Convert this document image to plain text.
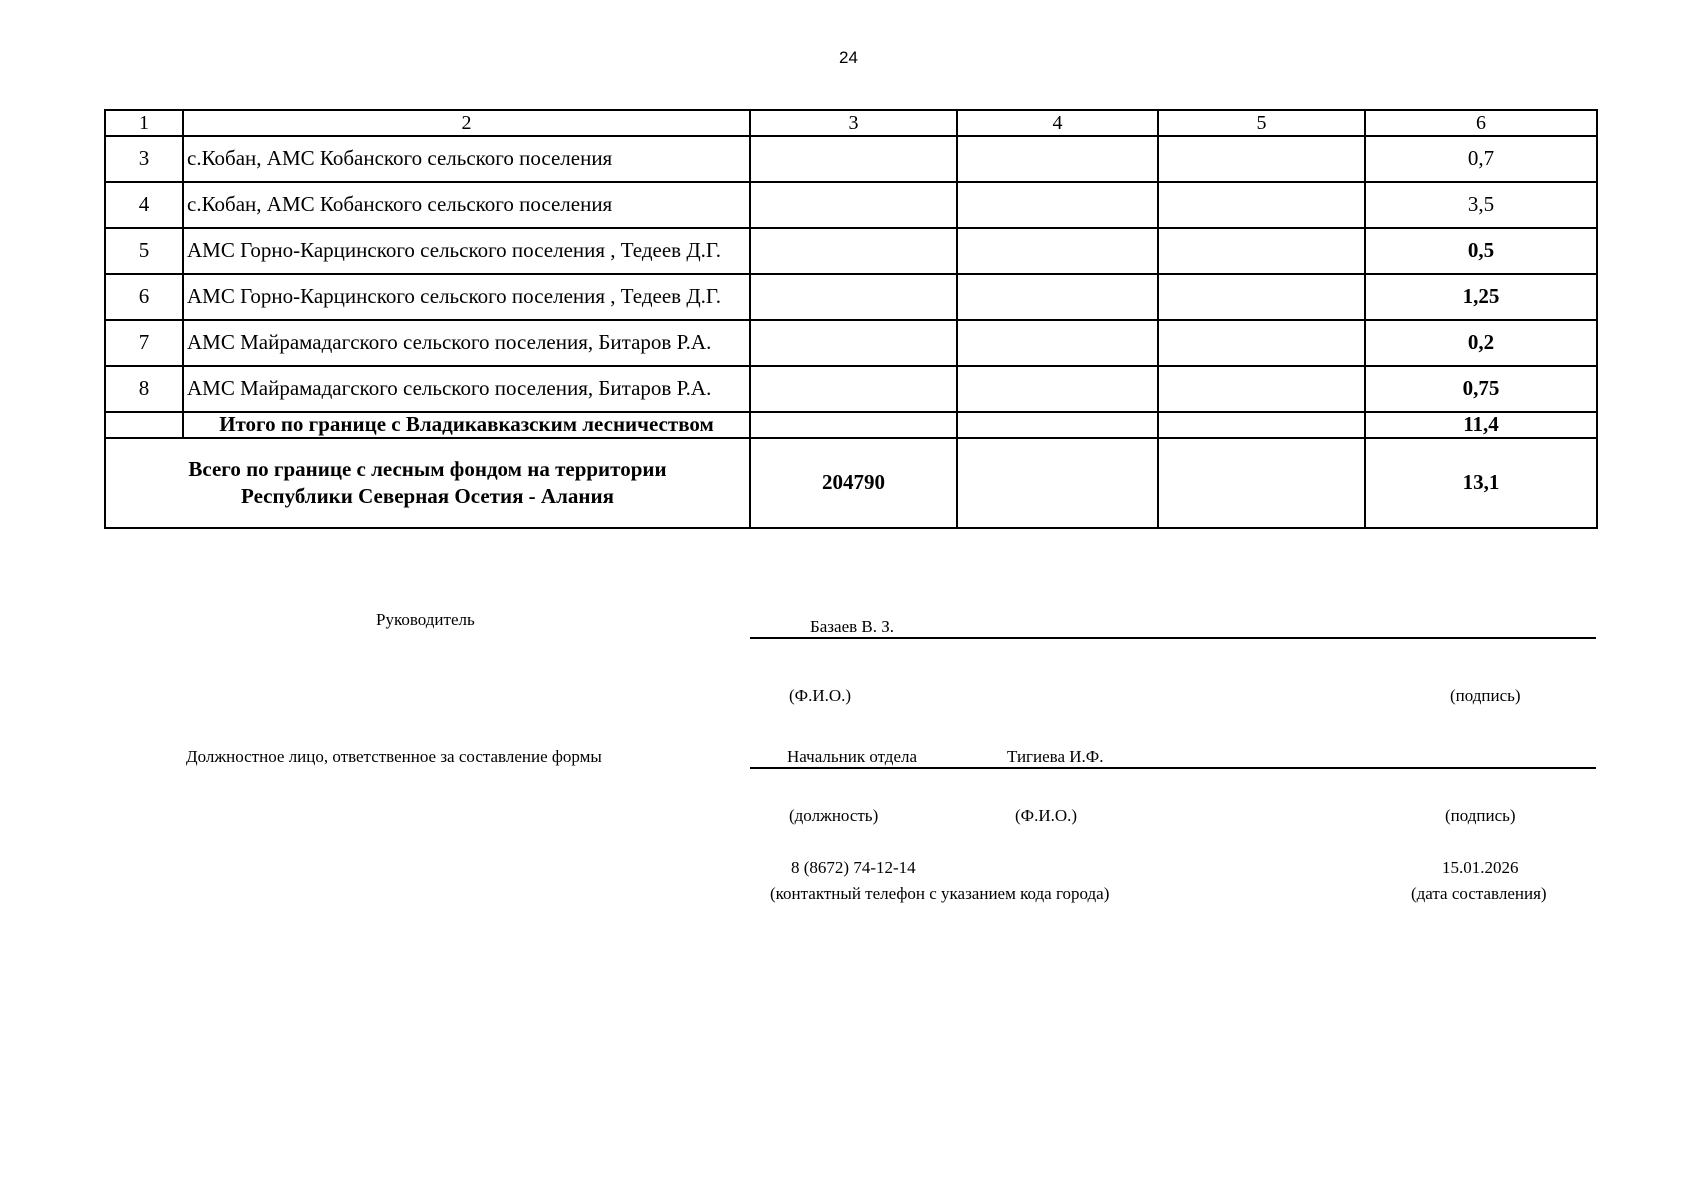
24
1	2	3	4	5	6
3	с.Кобан, АМС Кобанского сельского поселения				0,7
4	с.Кобан, АМС Кобанского сельского поселения				3,5
5	АМС Горно-Карцинского сельского поселения , Тедеев Д.Г.				0,5
6	АМС Горно-Карцинского сельского поселения , Тедеев Д.Г.				1,25
7	АМС Майрамадагского сельского поселения, Битаров Р.А.				0,2
8	АМС Майрамадагского сельского поселения, Битаров Р.А.				0,75
	Итого по границе с Владикавказским лесничеством				11,4

Всего по границе с лесным фондом на территории
Республики Северная Осетия - Алания		204790			13,1
Руководитель	Базаев В. З.
(Ф.И.О.)	(подпись)
Должностное лицо, ответственное за составление формы	Начальник отдела	Тигиева И.Ф.
(должность)	(Ф.И.О.)	(подпись)
8 (8672) 74-12-14
(контактный телефон с указанием кода города)
15.01.2026
(дата составления)
